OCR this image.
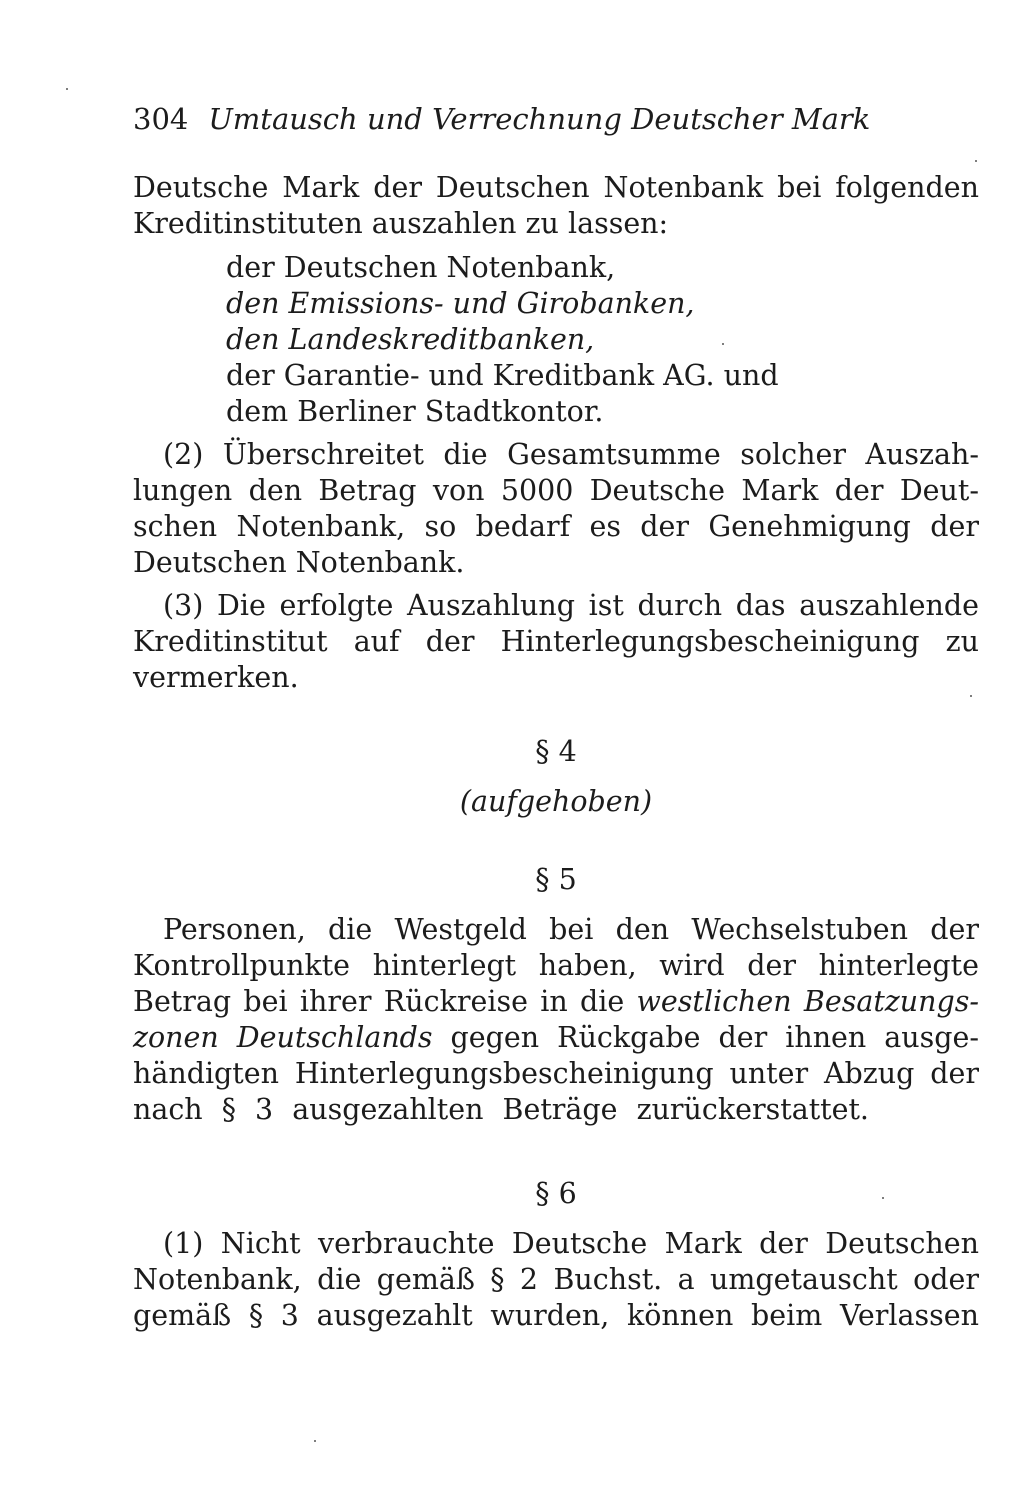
304 Umtausch und Verrechnung Deutscher Mark

Deutsche Mark der Deutschen Notenbank bei folgenden

Kreditinstituten auszahlen zu lassen:

der Deutschen Notenbank,

den Emissions- und Girobanken,

den Landeskreditbanken,

der Garantie- und Kreditbank AG. und

dem Berliner Stadtkontor.

(2) Überschreitet die Gesamtsumme solcher Auszah-

lungen den Betrag von 5000 Deutsche Mark der Deut-

schen Notenbank, so bedarf es der Genehmigung der

Deutschen Notenbank.

(3) Die erfolgte Auszahlung ist durch das auszahlende

Kreditinstitut auf der Hinterlegungsbescheinigung zu

vermerken.

§ 4

(aufgehoben)

§ 5

Personen, die Westgeld bei den Wechselstuben der

Kontrollpunkte hinterlegt haben, wird der hinterlegte

Betrag bei ihrer Rückreise in die westlichen Besatzungs-

zonen Deutschlands gegen Rückgabe der ihnen ausge-

händigten Hinterlegungsbescheinigung unter Abzug der

nach § 3 ausgezahlten Beträge zurückerstattet.

§ 6

(1) Nicht verbrauchte Deutsche Mark der Deutschen

Notenbank, die gemäß § 2 Buchst. a umgetauscht oder

gemäß § 3 ausgezahlt wurden, können beim Verlassen
